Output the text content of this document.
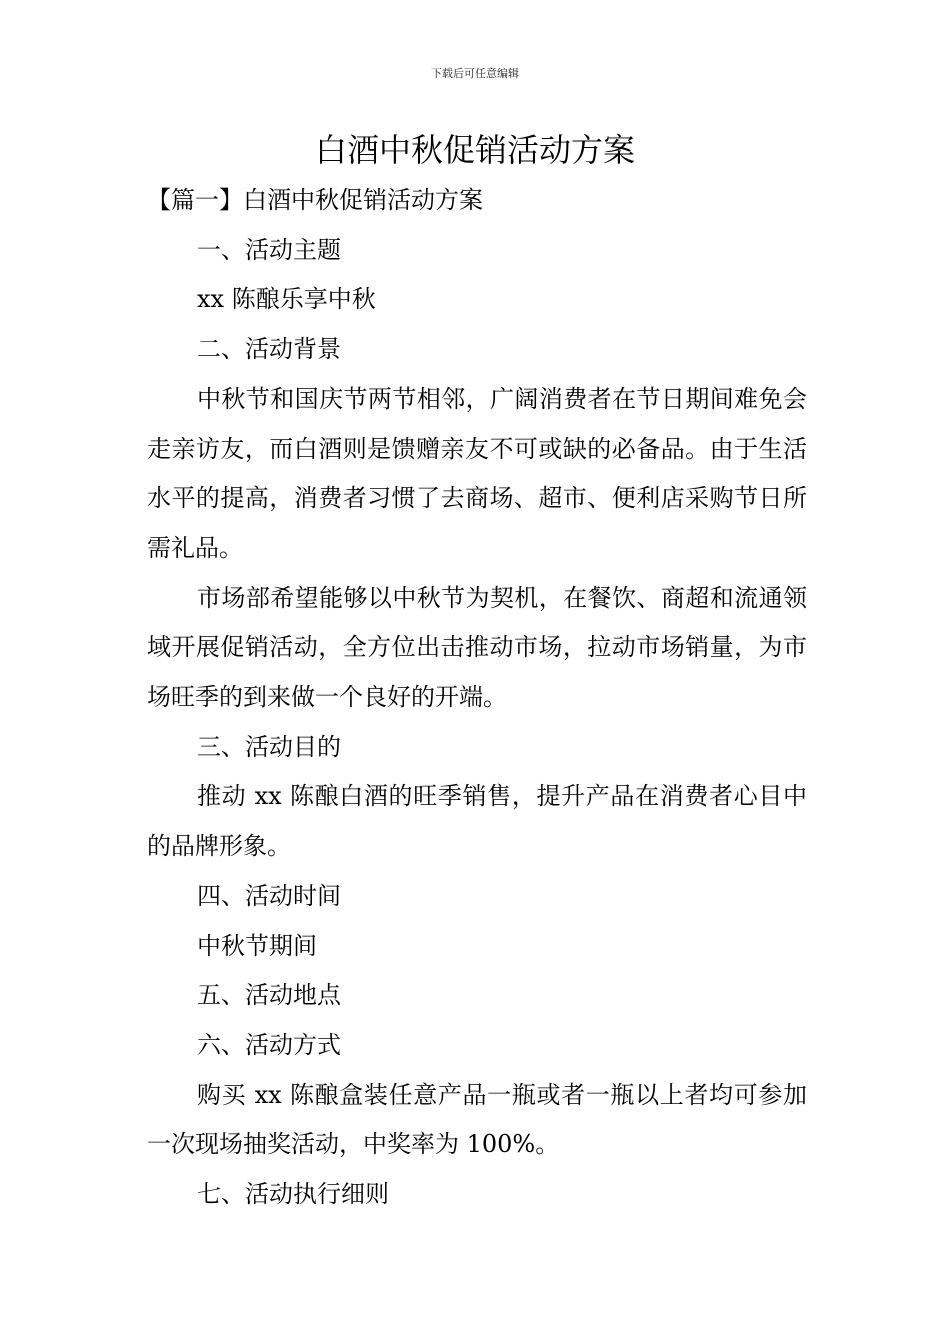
下载后可任意编辑
白酒中秋促销活动方案

【篇一】白酒中秋促销活动方案

一、活动主题

xx 陈酿乐享中秋

二、活动背景

中秋节和国庆节两节相邻，广阔消费者在节日期间难免会走亲访友，而白酒则是馈赠亲友不可或缺的必备品。由于生活水平的提高，消费者习惯了去商场、超市、便利店采购节日所需礼品。

市场部希望能够以中秋节为契机，在餐饮、商超和流通领域开展促销活动，全方位出击推动市场，拉动市场销量，为市场旺季的到来做一个良好的开端。

三、活动目的

推动 xx 陈酿白酒的旺季销售，提升产品在消费者心目中的品牌形象。

四、活动时间

中秋节期间

五、活动地点

六、活动方式

购买 xx 陈酿盒装任意产品一瓶或者一瓶以上者均可参加一次现场抽奖活动，中奖率为 100%。

七、活动执行细则
